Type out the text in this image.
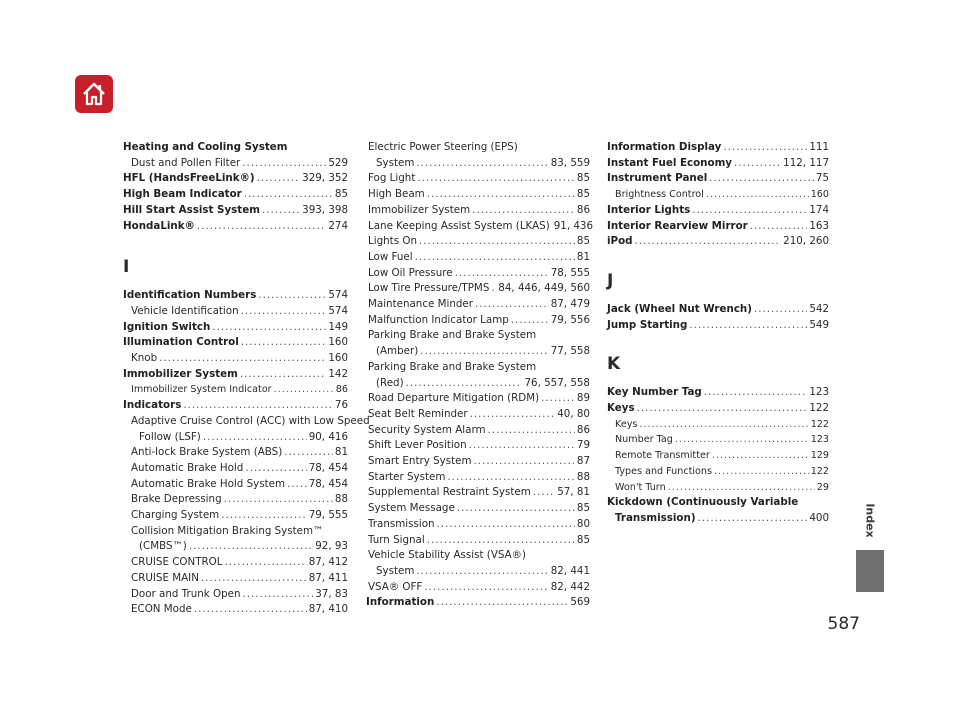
Heating and Cooling System
Dust and Pollen Filter .....	529
HFL (HandsFreeLink®) .....	329, 352
High Beam Indicator .....	85
Hill Start Assist System .....	393, 398
HondaLink® .....	274
I
Identification Numbers .....	574
Vehicle Identification .....	574
Ignition Switch .....	149
Illumination Control .....	160
Knob .....	160
Immobilizer System .....	142
Immobilizer System Indicator .....	86
Indicators .....	76
Adaptive Cruise Control (ACC) with Low Speed
Follow (LSF) .....	90, 416
Anti-lock Brake System (ABS) .....	81
Automatic Brake Hold .....	78, 454
Automatic Brake Hold System ..... 78, 454
Brake Depressing .....	88
Charging System .....	79, 555
Collision Mitigation Braking System™
(CMBS™) .....	92, 93
CRUISE CONTROL .....	87, 412
CRUISE MAIN .....	87, 411
Door and Trunk Open .....	37, 83
ECON Mode .....	87, 410
Electric Power Steering (EPS)
System .....	83, 559
Fog Light .....	85
High Beam .....	85
Immobilizer System .....	86
Lane Keeping Assist System (LKAS) 91, 436
Lights On .....	85
Low Fuel .....	81
Low Oil Pressure .....	78, 555
Low Tire Pressure/TPMS ..... 84, 446, 449, 560
Maintenance Minder .....	87, 479
Malfunction Indicator Lamp .....	79, 556
Parking Brake and Brake System
(Amber) .....	77, 558
Parking Brake and Brake System
(Red) .....	76, 557, 558
Road Departure Mitigation (RDM) .....	89
Seat Belt Reminder .....	40, 80
Security System Alarm .....	86
Shift Lever Position .....	79
Smart Entry System .....	87
Starter System .....	88
Supplemental Restraint System .....	57, 81
System Message .....	85
Transmission .....	80
Turn Signal .....	85
Vehicle Stability Assist (VSA®)
System .....	82, 441
VSA® OFF .....	82, 442
Information .....	569
Information Display .....	111
Instant Fuel Economy .....	112, 117
Instrument Panel .....	75
Brightness Control .....	160
Interior Lights .....	174
Interior Rearview Mirror .....	163
iPod .....	210, 260
J
Jack (Wheel Nut Wrench) .....	542
Jump Starting .....	549
K
Key Number Tag .....	123
Keys .....	122
Keys .....	122
Number Tag .....	123
Remote Transmitter .....	129
Types and Functions .....	122
Won't Turn .....	29
Kickdown (Continuously Variable
Transmission) .....	400	Index
587
